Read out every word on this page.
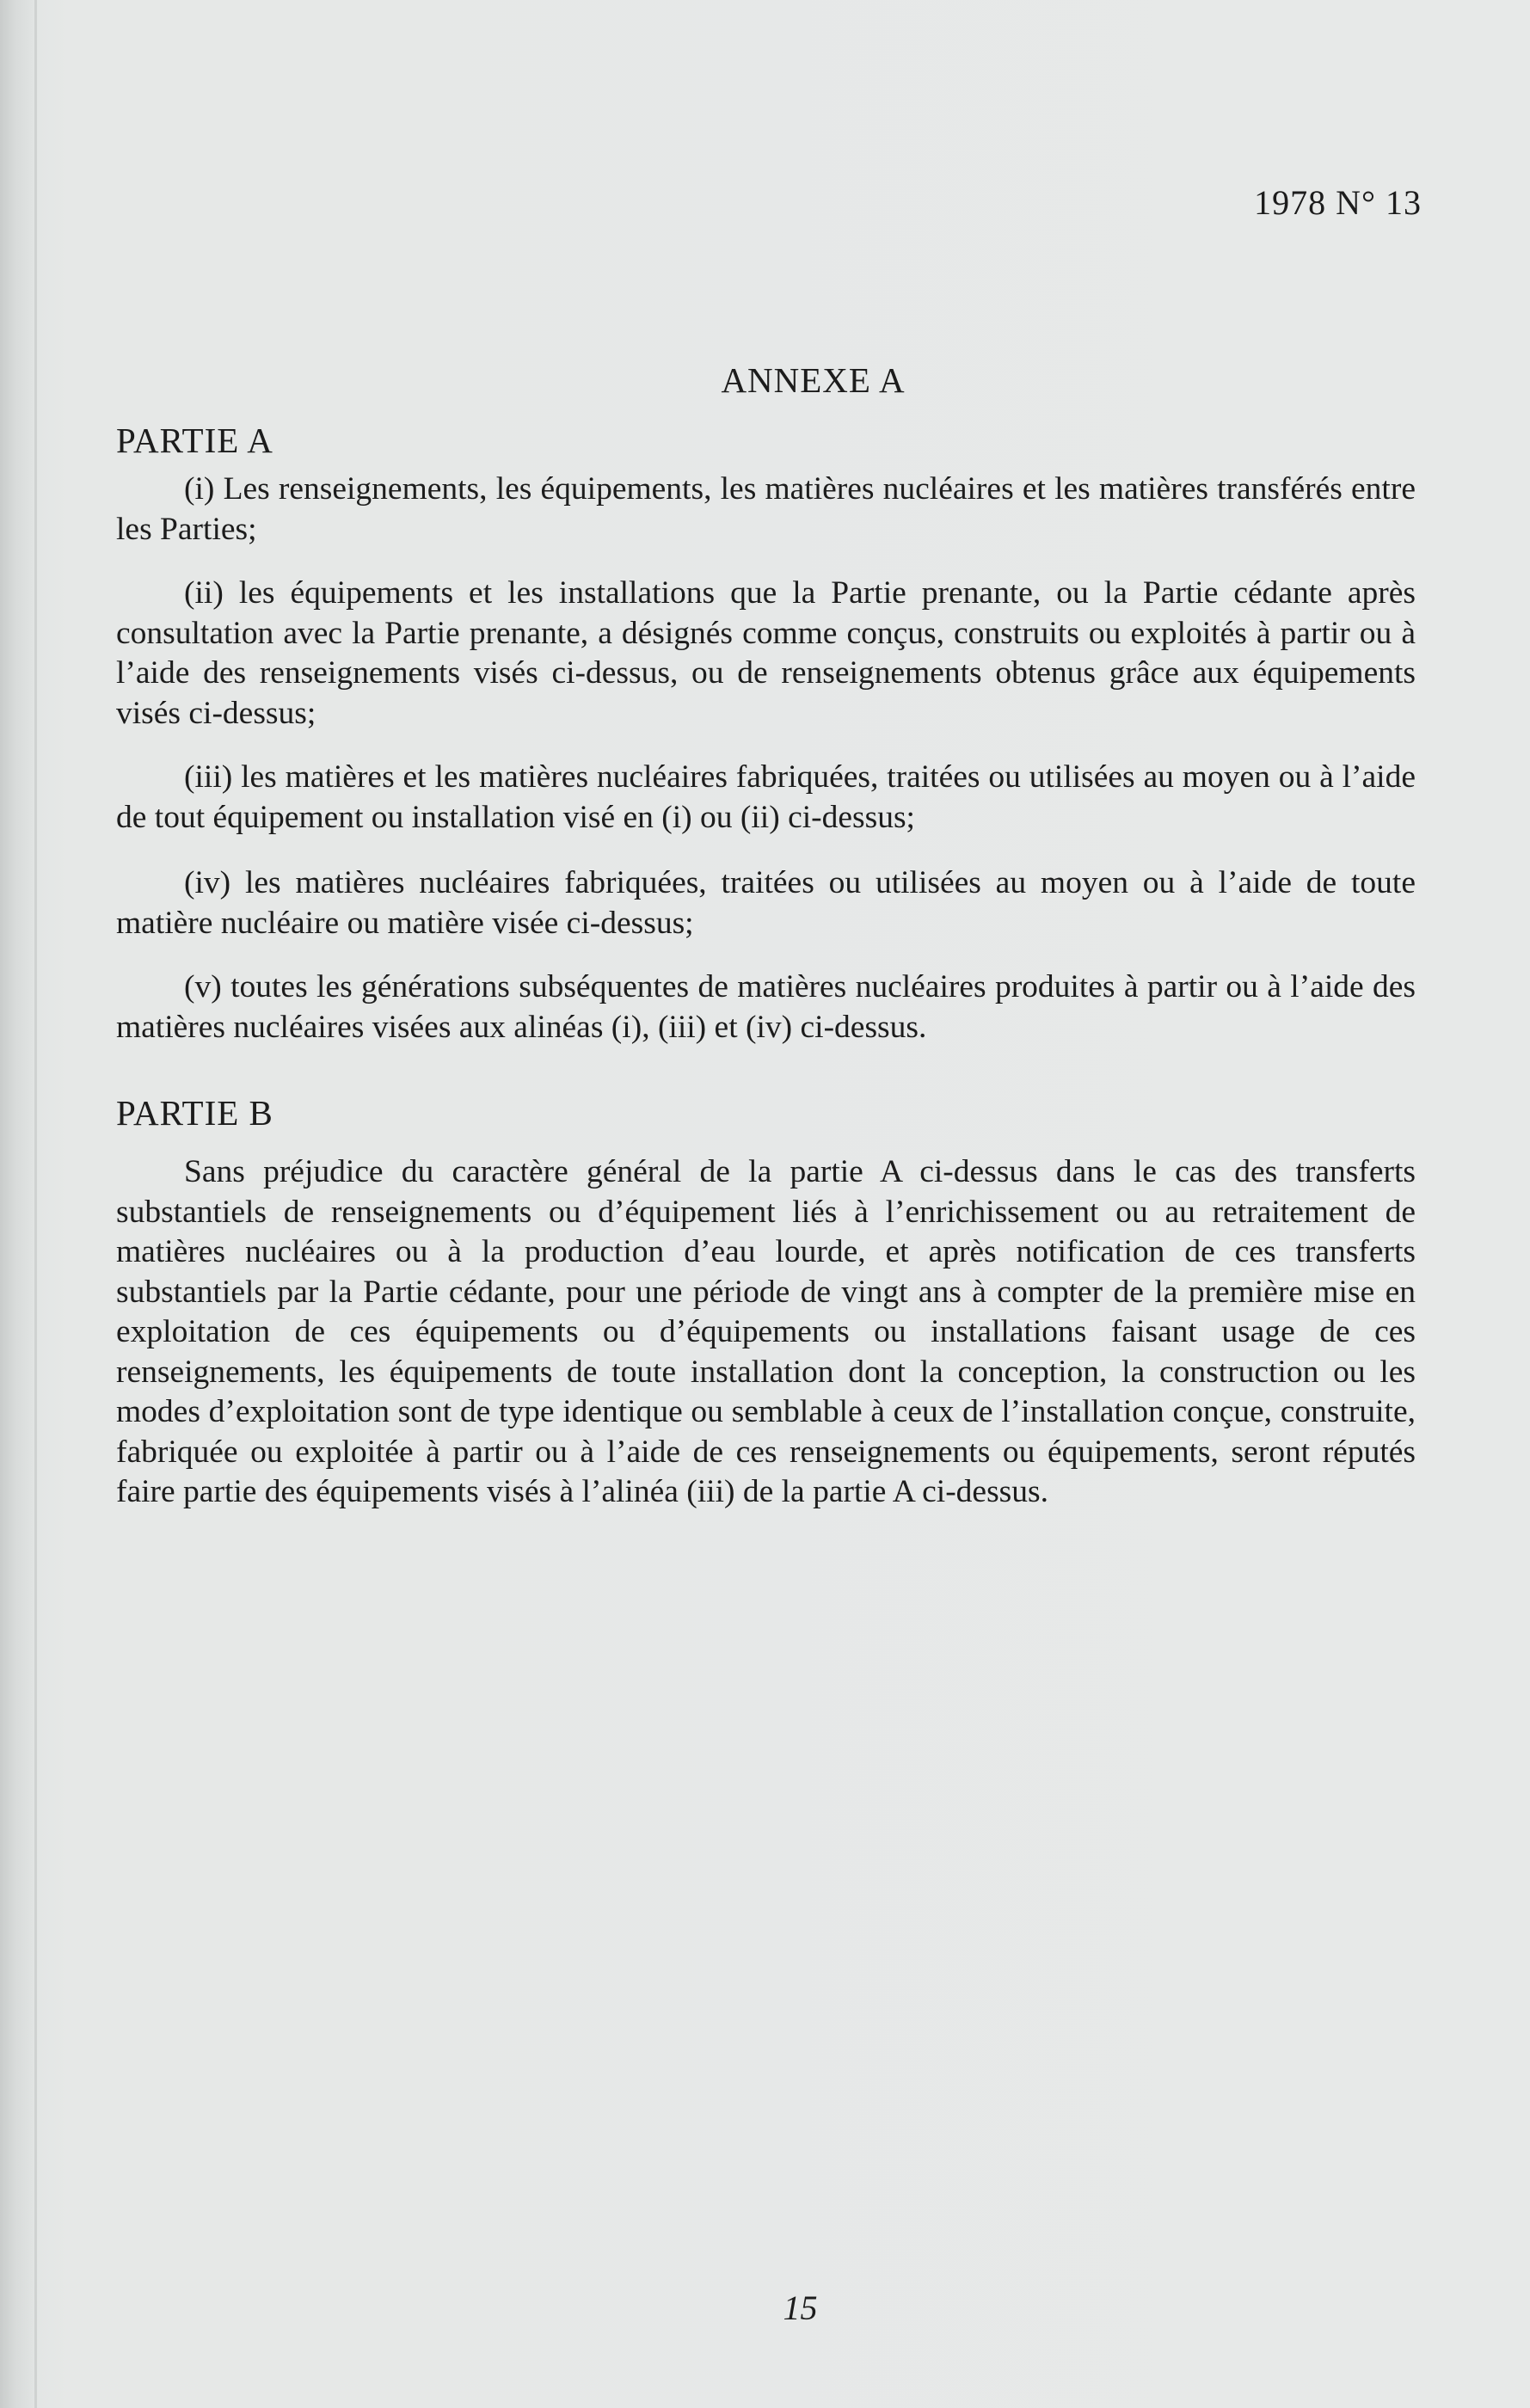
1978 N° 13
ANNEXE A
PARTIE A

(i) Les renseignements, les équipements, les matières nucléaires et les matières transférés entre les Parties;

(ii) les équipements et les installations que la Partie prenante, ou la Partie cédante après consultation avec la Partie prenante, a désignés comme conçus, construits ou exploités à partir ou à l’aide des renseignements visés ci-dessus, ou de renseignements obtenus grâce aux équipements visés ci-dessus;

(iii) les matières et les matières nucléaires fabriquées, traitées ou utilisées au moyen ou à l’aide de tout équipement ou installation visé en (i) ou (ii) ci-dessus;

(iv) les matières nucléaires fabriquées, traitées ou utilisées au moyen ou à l’aide de toute matière nucléaire ou matière visée ci-dessus;

(v) toutes les générations subséquentes de matières nucléaires produites à partir ou à l’aide des matières nucléaires visées aux alinéas (i), (iii) et (iv) ci-dessus.

PARTIE B

Sans préjudice du caractère général de la partie A ci-dessus dans le cas des transferts substantiels de renseignements ou d’équipement liés à l’enrichissement ou au retraitement de matières nucléaires ou à la production d’eau lourde, et après notification de ces transferts substantiels par la Partie cédante, pour une période de vingt ans à compter de la première mise en exploitation de ces équipements ou d’équipements ou installations faisant usage de ces renseignements, les équipements de toute installation dont la conception, la construction ou les modes d’exploitation sont de type identique ou semblable à ceux de l’installation conçue, construite, fabriquée ou exploitée à partir ou à l’aide de ces renseignements ou équipements, seront réputés faire partie des équipements visés à l’alinéa (iii) de la partie A ci-dessus.

15
